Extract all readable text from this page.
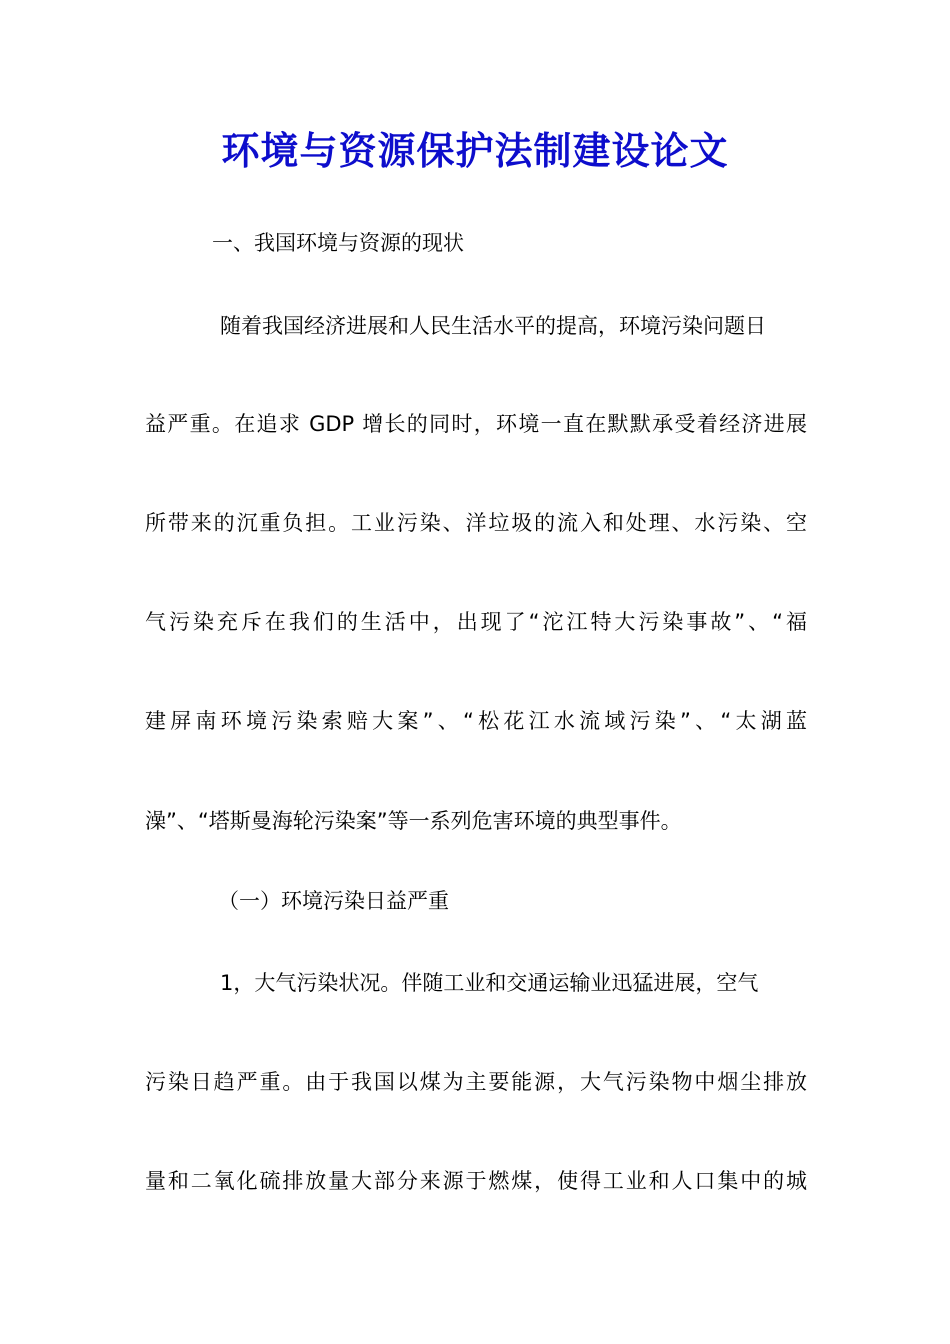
环境与资源保护法制建设论文
一、我国环境与资源的现状
随着我国经济进展和人民生活水平的提高，环境污染问题日
益严重。在追求 GDP 增长的同时，环境一直在默默承受着经济进展
所带来的沉重负担。工业污染、洋垃圾的流入和处理、水污染、空
气污染充斥在我们的生活中，出现了“沱江特大污染事故”、“福
建屏南环境污染索赔大案”、“松花江水流域污染”、“太湖蓝
澡”、“塔斯曼海轮污染案”等一系列危害环境的典型事件。
（一）环境污染日益严重
1，大气污染状况。伴随工业和交通运输业迅猛进展，空气
污染日趋严重。由于我国以煤为主要能源，大气污染物中烟尘排放
量和二氧化硫排放量大部分来源于燃煤，使得工业和人口集中的城
